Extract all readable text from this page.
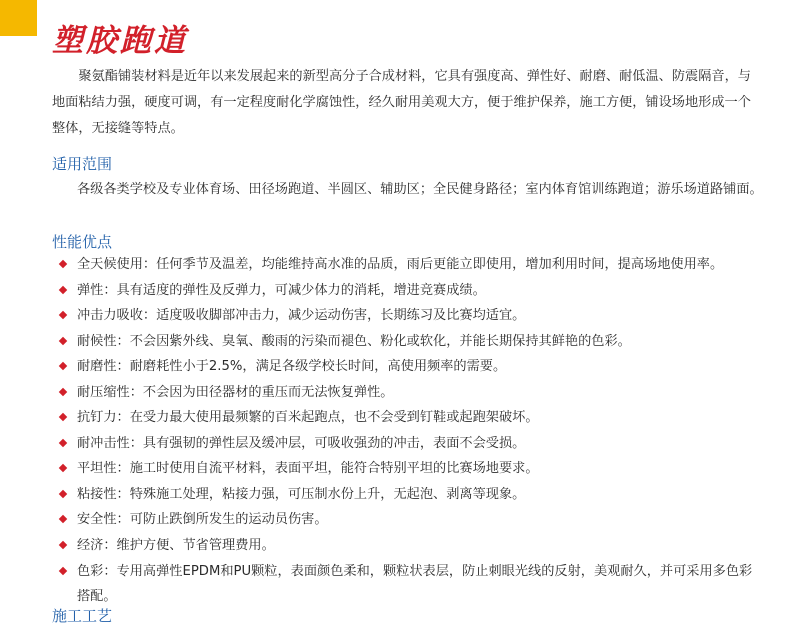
塑胶跑道

聚氨酯铺装材料是近年以来发展起来的新型高分子合成材料，它具有强度高、弹性好、耐磨、耐低温、防震隔音，与地面粘结力强，硬度可调，有一定程度耐化学腐蚀性，经久耐用美观大方，便于维护保养，施工方便，铺设场地形成一个整体，无接缝等特点。

适用范围

各级各类学校及专业体育场、田径场跑道、半圆区、辅助区；全民健身路径；室内体育馆训练跑道；游乐场道路铺面。

性能优点
全天候使用：任何季节及温差，均能维持高水准的品质，雨后更能立即使用，增加利用时间，提高场地使用率。
弹性：具有适度的弹性及反弹力，可减少体力的消耗，增进竞赛成绩。
冲击力吸收：适度吸收脚部冲击力，减少运动伤害，长期练习及比赛均适宜。
耐候性：不会因紫外线、臭氧、酸雨的污染而褪色、粉化或软化，并能长期保持其鲜艳的色彩。
耐磨性：耐磨耗性小于2.5%，满足各级学校长时间，高使用频率的需要。
耐压缩性：不会因为田径器材的重压而无法恢复弹性。
抗钉力：在受力最大使用最频繁的百米起跑点，也不会受到钉鞋或起跑架破坏。
耐冲击性：具有强韧的弹性层及缓冲层，可吸收强劲的冲击，表面不会受损。
平坦性：施工时使用自流平材料，表面平坦，能符合特别平坦的比赛场地要求。
粘接性：特殊施工处理，粘接力强，可压制水份上升，无起泡、剥离等现象。
安全性：可防止跌倒所发生的运动员伤害。
经济：维护方便、节省管理费用。
色彩：专用高弹性EPDM和PU颗粒，表面颜色柔和，颗粒状表层，防止刺眼光线的反射，美观耐久，并可采用多色彩搭配。
施工工艺
